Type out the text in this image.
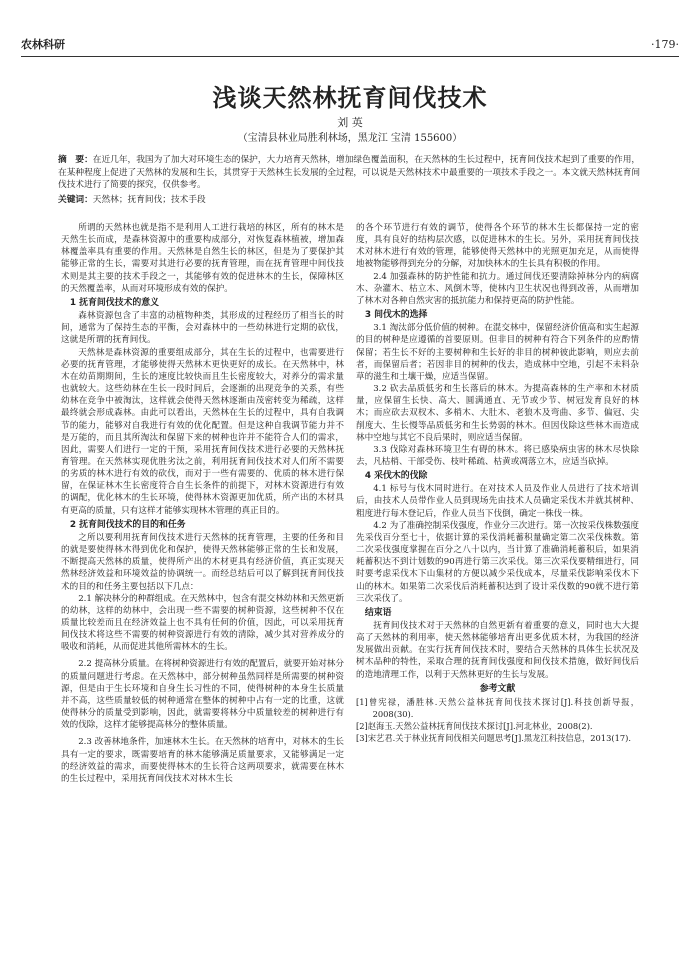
农林科研	·179·
浅谈天然林抚育间伐技术
刘 英
（宝清县林业局胜利林场，黑龙江 宝清 155600）
摘　要：在近几年，我国为了加大对环境生态的保护，大力培育天然林，增加绿色覆盖面积，在天然林的生长过程中，抚育间伐技术起到了重要的作用，在某种程度上促进了天然林的发展和生长，其贯穿于天然林生长发展的全过程，可以说是天然林技术中最重要的一项技术手段之一。本文就天然林抚育间伐技术进行了简要的探究，仅供参考。
关键词：天然林；抚育间伐；技术手段

所谓的天然林也就是指不是利用人工进行栽培的林区，所有的林木是天然生长而成，是森林资源中的重要构成部分，对恢复森林植被，增加森林覆盖率具有重要的作用。天然林是自然生长的林区，但是为了要保护其能够正常的生长，需要对其进行必要的抚育管理，而在抚育管理中间伐技术则是其主要的技术手段之一，其能够有效的促进林木的生长，保障林区的天然覆盖率，从而对环境形成有效的保护。

1 抚育间伐技术的意义

森林资源包含了丰富的动植物种类，其形成的过程经历了相当长的时间，通常为了保持生态的平衡，会对森林中的一些幼林进行定期的砍伐，这就是所谓的抚育间伐。

天然林是森林资源的重要组成部分，其在生长的过程中，也需要进行必要的抚育管理，才能够使得天然林木更快更好的成长。在天然林中，林木在幼苗期期间，生长的速度比较快而且生长密度较大，对养分的需求量也就较大。这些幼林在生长一段时间后，会逐渐的出现竞争的关系，有些幼林在竞争中被淘汰，这样就会使得天然林逐渐由茂密转变为稀疏，这样最终就会形成森林。由此可以看出，天然林在生长的过程中，具有自我调节的能力，能够对自我进行有效的优化配置。但是这种自我调节能力并不是万能的，而且其所淘汰和保留下来的树种也许并不能符合人们的需求，因此，需要人们进行一定的干预，采用抚育间伐技术进行必要的天然林抚育管理。在天然林实现优胜劣汰之前，利用抚育间伐技术对人们所不需要的劣质的林木进行有效的砍伐，而对于一些有需要的、优质的林木进行保留，在保证林木生长密度符合自生长条件的前提下，对林木资源进行有效的调配，优化林木的生长环境，使得林木资源更加优质，所产出的木材具有更高的质量，只有这样才能够实现林木管理的真正目的。

2 抚育间伐技术的目的和任务

之所以要利用抚育间伐技术进行天然林的抚育管理，主要的任务和目的就是要使得林木得到优化和保护，使得天然林能够正常的生长和发展，不断提高天然林的质量，使得所产出的木材更具有经济价值，真正实现天然林经济效益和环境效益的协调统一。而经总结后可以了解到抚育间伐技术的目的和任务主要包括以下几点：

2.1 解决林分的种群组成。在天然林中，包含有混交林幼林和天然更新的幼林，这样的幼林中，会出现一些不需要的树种资源，这些树种不仅在质量比较差而且在经济效益上也不具有任何的价值，因此，可以采用抚育间伐技术将这些不需要的树种资源进行有效的清除，减少其对营养成分的吸收和消耗，从而促进其他所需林木的生长。

2.2 提高林分质量。在将树种资源进行有效的配置后，就要开始对林分的质量问题进行考虑。在天然林中，部分树种虽然同样是所需要的树种资源，但是由于生长环境和自身生长习性的不同，使得树种的本身生长质量并不高，这些质量较低的树种通常在整体的树种中占有一定的比重，这就使得林分的质量受到影响，因此，就需要将林分中质量较差的树种进行有效的伐除，这样才能够提高林分的整体质量。

2.3 改善林地条件，加速林木生长。在天然林的培育中，对林木的生长具有一定的要求，既需要培育的林木能够满足质量要求，又能够满足一定的经济效益的需求，而要使得林木的生长符合这两项要求，就需要在林木的生长过程中，采用抚育间伐技术对林木生长

的各个环节进行有效的调节，使得各个环节的林木生长都保持一定的密度，具有良好的结构层次感，以促进林木的生长。另外，采用抚育间伐技术对林木进行有效的管理，能够使得天然林中的光照更加充足，从而使得地被物能够得到充分的分解，对加快林木的生长具有积极的作用。

2.4 加强森林的防护性能和抗力。通过间伐还要清除掉林分内的病腐木、杂灌木、枯立木、风倒木等，使林内卫生状况也得到改善，从而增加了林木对各种自然灾害的抵抗能力和保持更高的防护性能。

3 间伐木的选择

3.1 淘汰部分低价值的树种。在混交林中，保留经济价值高和实生起源的目的树种是应遵循的首要原则。但非目的树种有符合下列条件的应酌情保留；若生长不好的主要树种和生长好的非目的树种彼此影响，则应去前者，而保留后者；若因非目的树种的伐去，造成林中空地，引起不未料杂草的滋生和土壤干燥，应适当保留。

3.2 砍去品质低劣和生长落后的林木。为提高森林的生产率和木材质量，应保留生长快、高大、圆满通直、无节或少节、树冠发育良好的林木；而应砍去双杈木、多梢木、大肚木、老狼木及弯曲、多节、偏冠、尖削度大、生长慢等品质低劣和生长势弱的林木。但因伐除这些林木而造成林中空地与其它不良后果时，则应适当保留。

3.3 伐除对森林环境卫生有碍的林木。将已感染病虫害的林木尽快除去，凡枯梢、干部受伤、枝叶稀疏、枯黄或凋落立木，应适当砍掉。

4 采伐木的伐除

4.1 标号与伐木同时进行。在对技术人员及作业人员进行了技术培训后，由技术人员带作业人员到现场先由技术人员确定采伐木并就其树种、粗度进行每木登记后，作业人员当下伐倒，确定一株伐一株。

4.2 为了准确控制采伐强度，作业分三次进行。第一次按采伐株数强度先采伐百分至七十，依据计算的采伐消耗蓄积量确定第二次采伐株数。第二次采伐强度掌握在百分之八十以内，当计算了准确消耗蓄积后，如果消耗蓄积达不到计划数的90再进行第三次采伐。第三次采伐要精细进行，同时要考虑采伐木下山集材的方便以减少采伐成本，尽量采伐影响采伐木下山的林木。如果第二次采伐后消耗蓄积达到了设计采伐数的90就不进行第三次采伐了。

结束语

抚育间伐技术对于天然林的自然更新有着重要的意义，同时也大大提高了天然林的利用率，使天然林能够培育出更多优质木材，为我国的经济发展做出贡献。在实行抚育间伐技术时，要结合天然林的具体生长状况及树木品种的特性，采取合理的抚育间伐强度和间伐技术措施，做好间伐后的造地清理工作，以利于天然林更好的生长与发展。

参考文献

[1]曾宪禄，潘胜林.天然公益林抚育间伐技术探讨[J].科技创新导报，2008(30).

[2]赵海玉.天然公益林抚育间伐技术探讨[J].河北林业，2008(2).

[3]宋艺君.关于林业抚育间伐相关问题思考[J].黑龙江科技信息，2013(17).
